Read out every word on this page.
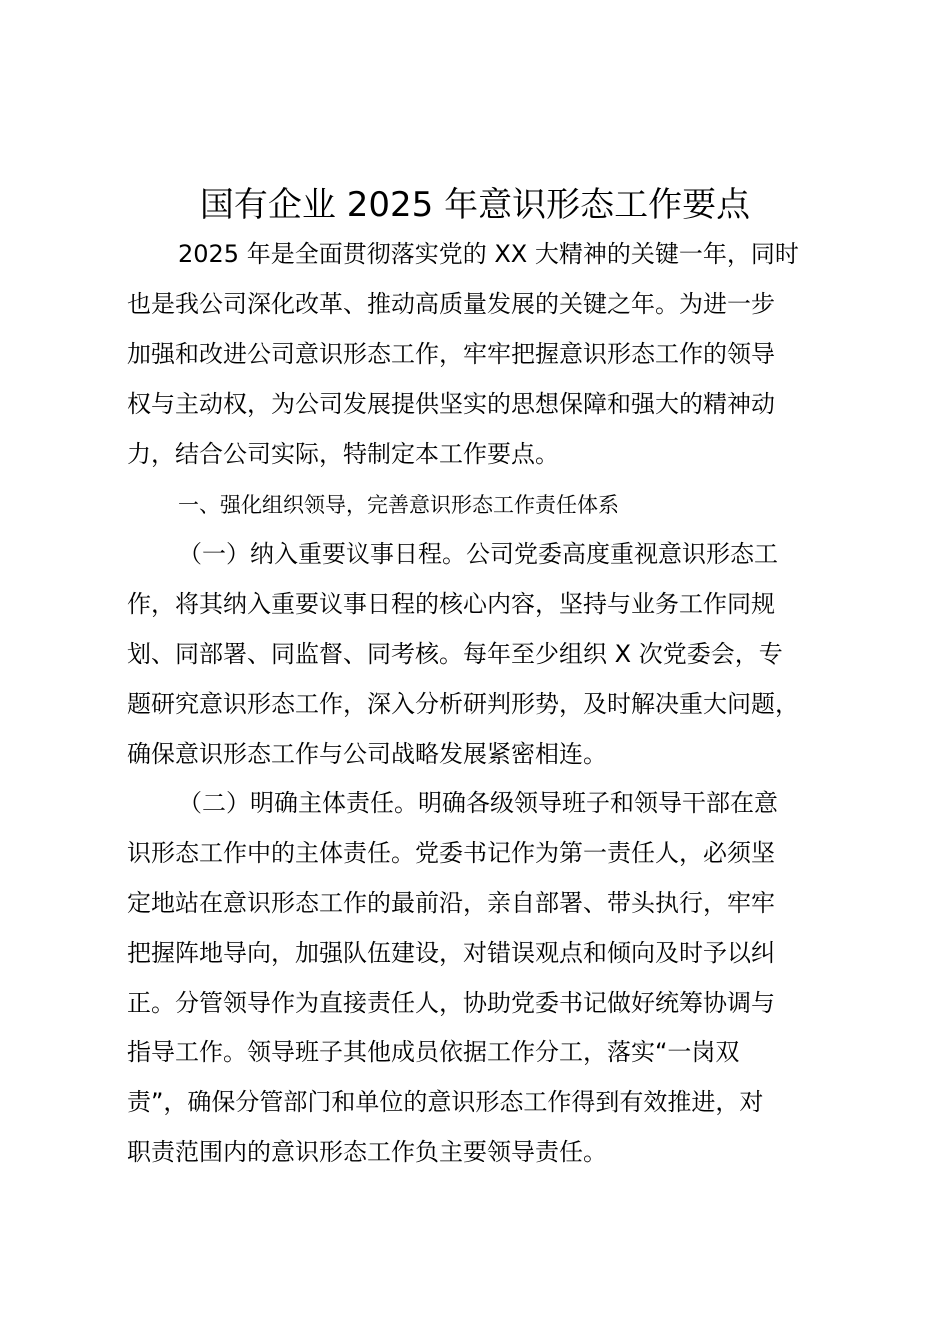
国有企业 2025 年意识形态工作要点

2025 年是全面贯彻落实党的 XX 大精神的关键一年，同时

也是我公司深化改革、推动高质量发展的关键之年。为进一步

加强和改进公司意识形态工作，牢牢把握意识形态工作的领导

权与主动权，为公司发展提供坚实的思想保障和强大的精神动

力，结合公司实际，特制定本工作要点。

一、强化组织领导，完善意识形态工作责任体系

（一）纳入重要议事日程。公司党委高度重视意识形态工

作，将其纳入重要议事日程的核心内容，坚持与业务工作同规

划、同部署、同监督、同考核。每年至少组织 X 次党委会，专

题研究意识形态工作，深入分析研判形势，及时解决重大问题，

确保意识形态工作与公司战略发展紧密相连。

（二）明确主体责任。明确各级领导班子和领导干部在意

识形态工作中的主体责任。党委书记作为第一责任人，必须坚

定地站在意识形态工作的最前沿，亲自部署、带头执行，牢牢

把握阵地导向，加强队伍建设，对错误观点和倾向及时予以纠

正。分管领导作为直接责任人，协助党委书记做好统筹协调与

指导工作。领导班子其他成员依据工作分工，落实“一岗双

责”，确保分管部门和单位的意识形态工作得到有效推进，对

职责范围内的意识形态工作负主要领导责任。
